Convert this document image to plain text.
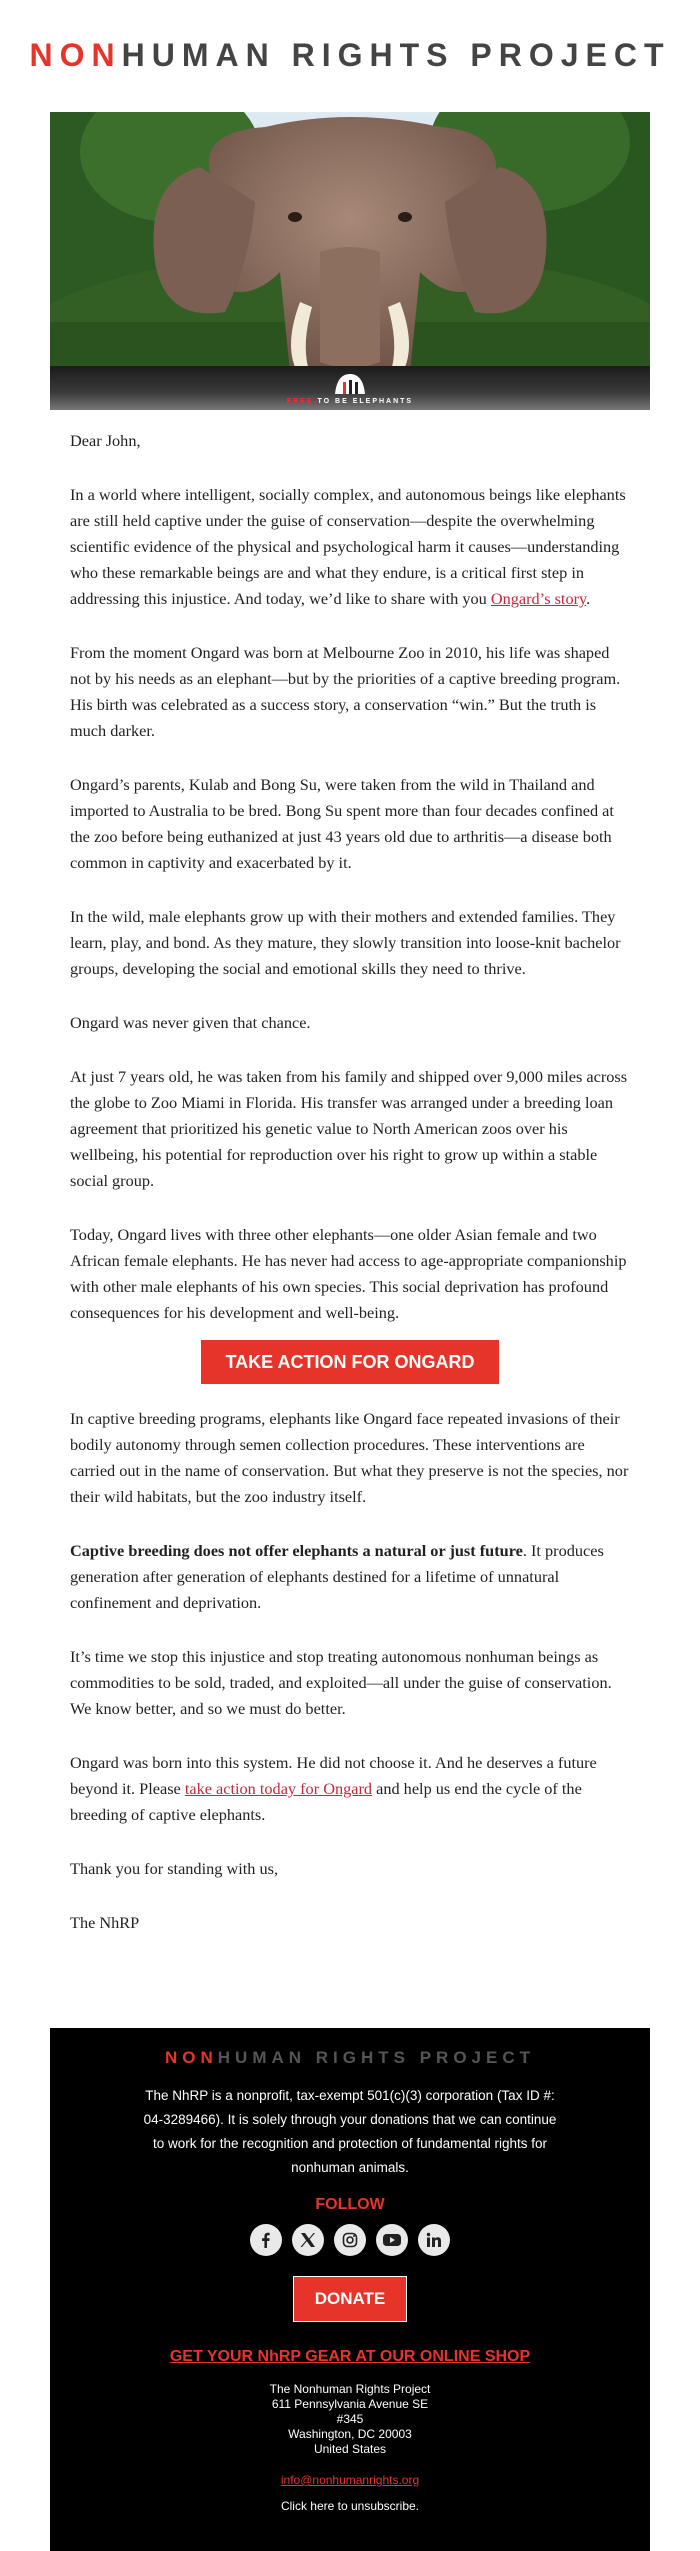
NON HUMAN RIGHTS PROJECT
FREE TO BE ELEPHANTS

Dear John,

In a world where intelligent, socially complex, and autonomous beings like elephants are still held captive under the guise of conservation—despite the overwhelming scientific evidence of the physical and psychological harm it causes—understanding who these remarkable beings are and what they endure, is a critical first step in addressing this injustice. And today, we’d like to share with you Ongard’s story.

From the moment Ongard was born at Melbourne Zoo in 2010, his life was shaped not by his needs as an elephant—but by the priorities of a captive breeding program. His birth was celebrated as a success story, a conservation “win.” But the truth is much darker.

Ongard’s parents, Kulab and Bong Su, were taken from the wild in Thailand and imported to Australia to be bred. Bong Su spent more than four decades confined at the zoo before being euthanized at just 43 years old due to arthritis—a disease both common in captivity and exacerbated by it.

In the wild, male elephants grow up with their mothers and extended families. They learn, play, and bond. As they mature, they slowly transition into loose-knit bachelor groups, developing the social and emotional skills they need to thrive.

Ongard was never given that chance.

At just 7 years old, he was taken from his family and shipped over 9,000 miles across the globe to Zoo Miami in Florida. His transfer was arranged under a breeding loan agreement that prioritized his genetic value to North American zoos over his wellbeing, his potential for reproduction over his right to grow up within a stable social group.

Today, Ongard lives with three other elephants—one older Asian female and two African female elephants. He has never had access to age-appropriate companionship with other male elephants of his own species. This social deprivation has profound consequences for his development and well-being.

TAKE ACTION FOR ONGARD

In captive breeding programs, elephants like Ongard face repeated invasions of their bodily autonomy through semen collection procedures. These interventions are carried out in the name of conservation. But what they preserve is not the species, nor their wild habitats, but the zoo industry itself.

Captive breeding does not offer elephants a natural or just future. It produces generation after generation of elephants destined for a lifetime of unnatural confinement and deprivation.

It’s time we stop this injustice and stop treating autonomous nonhuman beings as commodities to be sold, traded, and exploited—all under the guise of conservation. We know better, and so we must do better.

Ongard was born into this system. He did not choose it. And he deserves a future beyond it. Please take action today for Ongard and help us end the cycle of the breeding of captive elephants.

Thank you for standing with us,

The NhRP

NONHUMAN RIGHTS PROJECT
The NhRP is a nonprofit, tax-exempt 501(c)(3) corporation (Tax ID #: 04-3289466). It is solely through your donations that we can continue to work for the recognition and protection of fundamental rights for nonhuman animals.
FOLLOW
DONATE
GET YOUR NhRP GEAR AT OUR ONLINE SHOP
The Nonhuman Rights Project
611 Pennsylvania Avenue SE
#345
Washington, DC 20003
United States
info@nonhumanrights.org
Click here to unsubscribe.
